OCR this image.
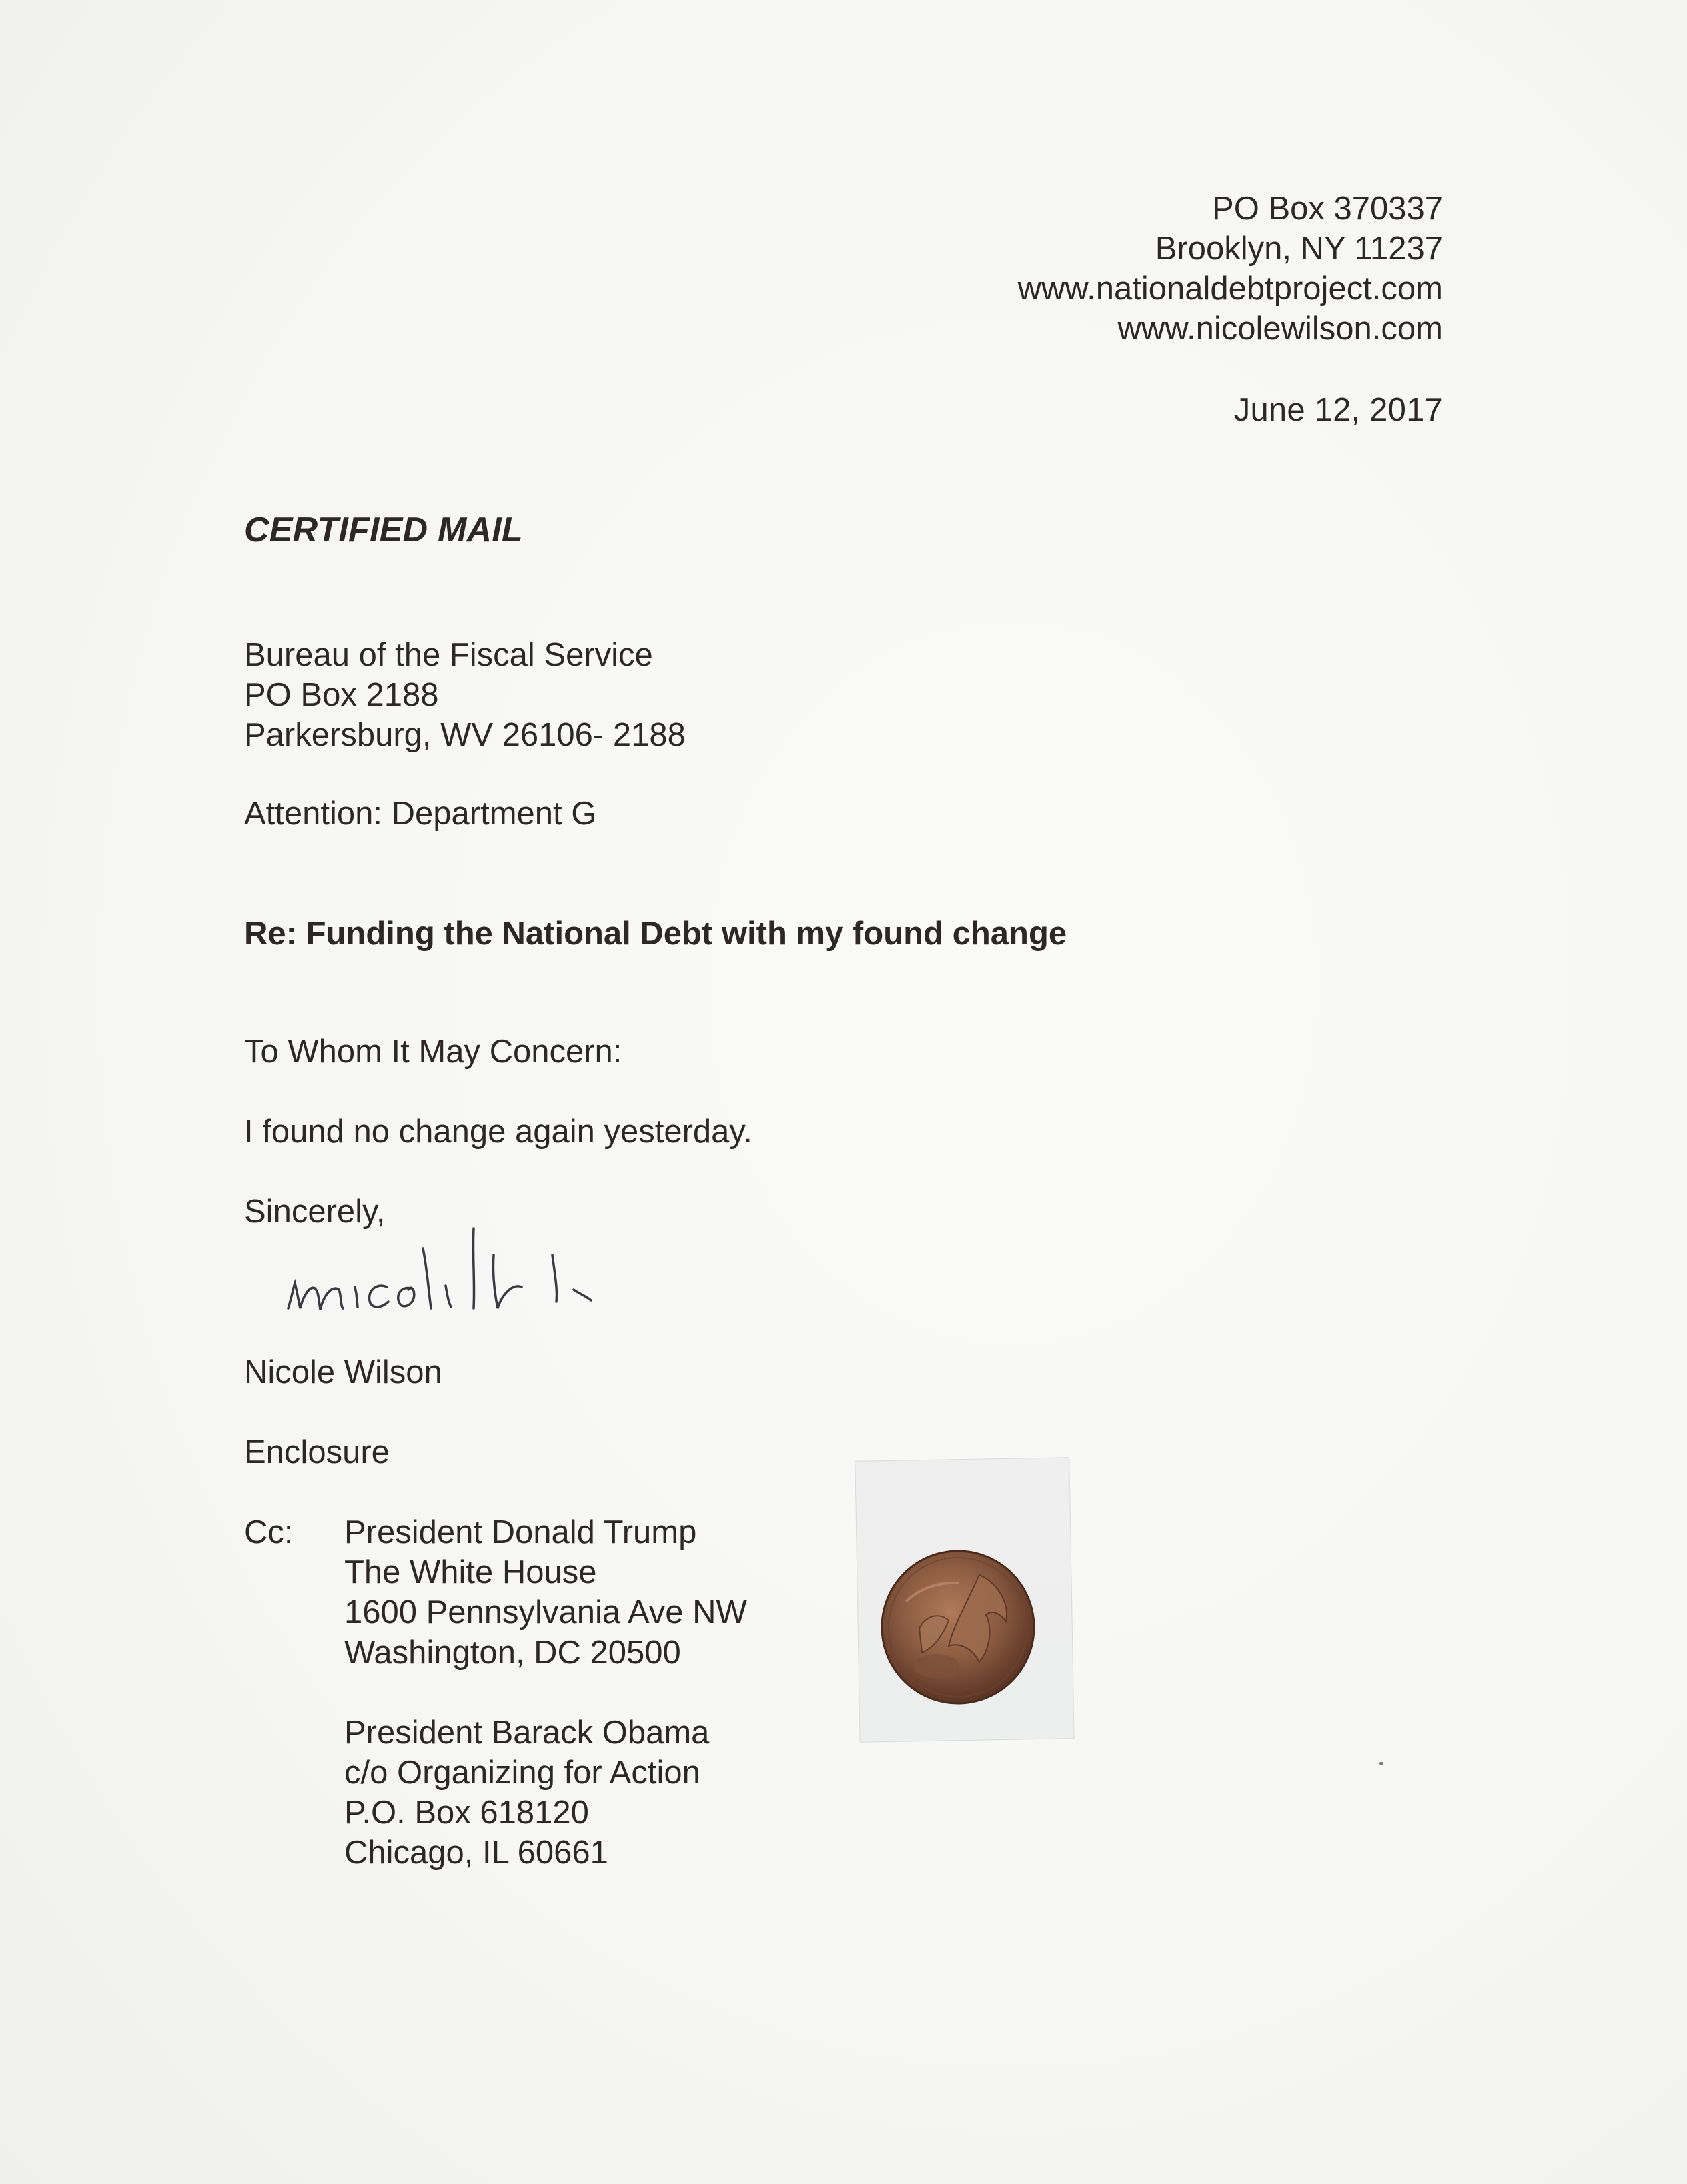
PO Box 370337
Brooklyn, NY 11237
www.nationaldebtproject.com
www.nicolewilson.com
June 12, 2017
CERTIFIED MAIL
Bureau of the Fiscal Service
PO Box 2188
Parkersburg, WV 26106- 2188
Attention: Department G
Re: Funding the National Debt with my found change
To Whom It May Concern:
I found no change again yesterday.
Sincerely,
Nicole Wilson
Enclosure
Cc: President Donald Trump
The White House
1600 Pennsylvania Ave NW
Washington, DC 20500
President Barack Obama
c/o Organizing for Action
P.O. Box 618120
Chicago, IL 60661
